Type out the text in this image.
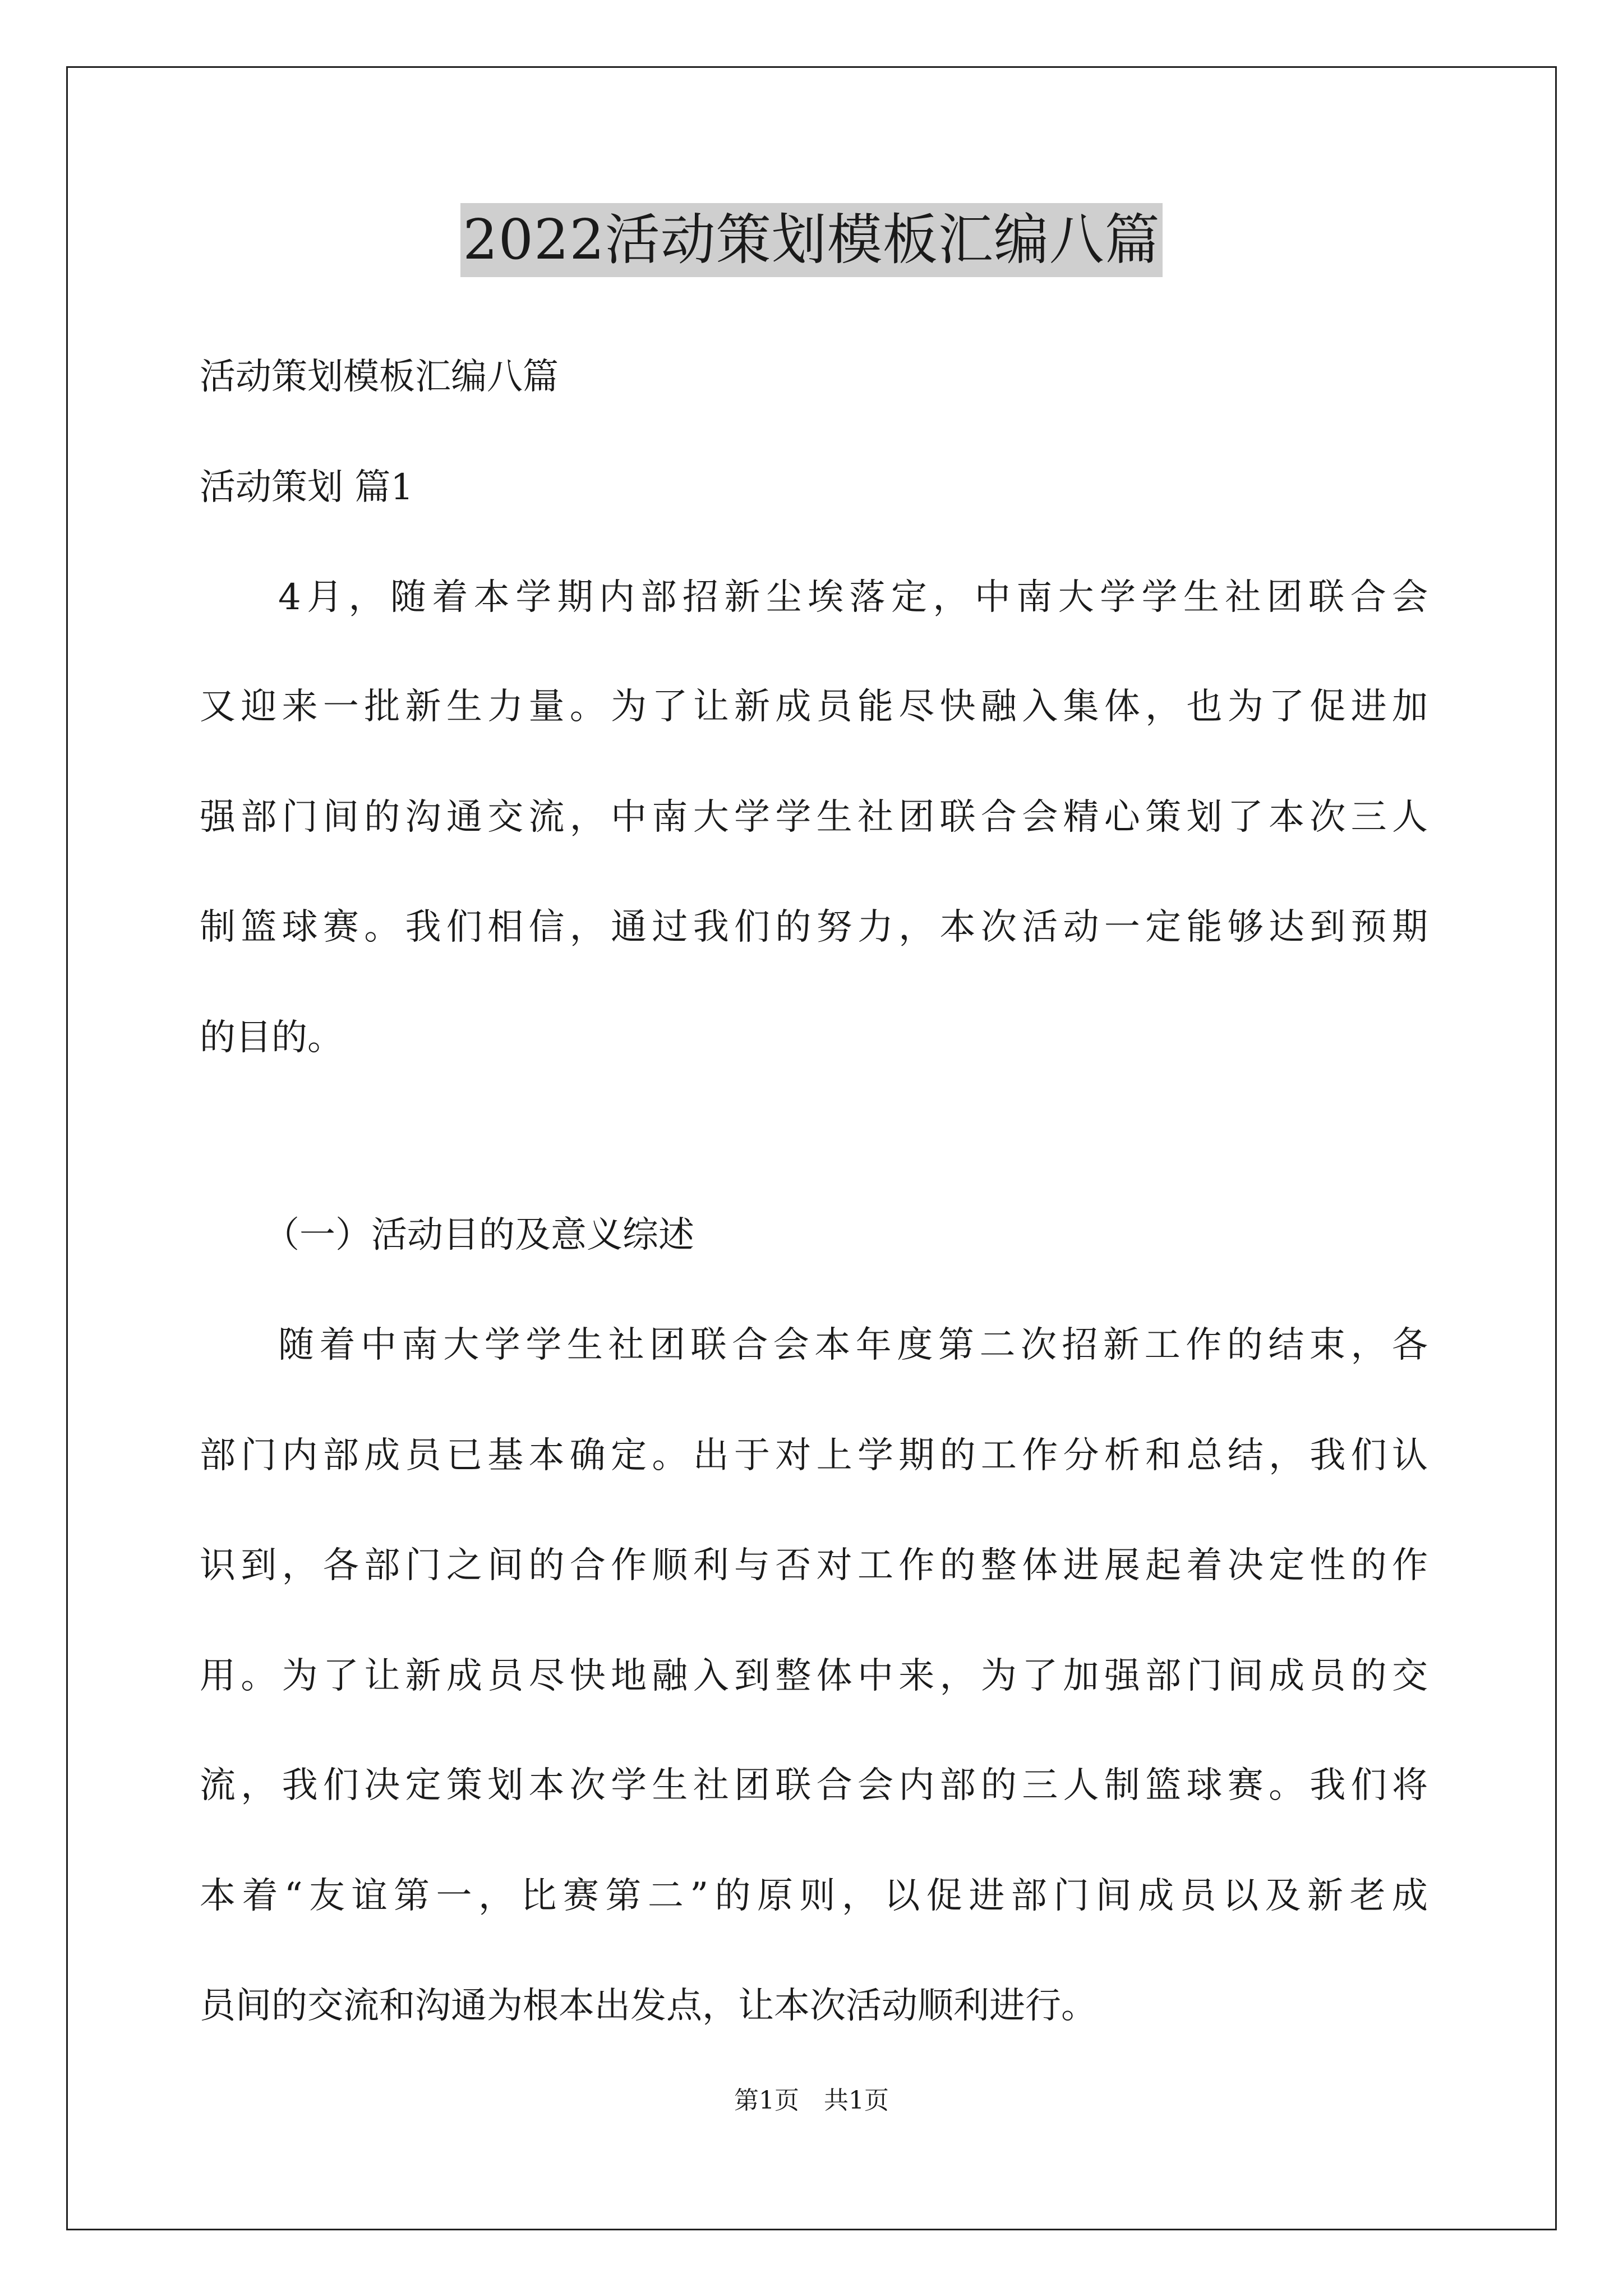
2022活动策划模板汇编八篇
活动策划模板汇编八篇
活动策划 篇1
4月，随着本学期内部招新尘埃落定，中南大学学生社团联合会
又迎来一批新生力量。为了让新成员能尽快融入集体，也为了促进加
强部门间的沟通交流，中南大学学生社团联合会精心策划了本次三人
制篮球赛。我们相信，通过我们的努力，本次活动一定能够达到预期
的目的。
（一）活动目的及意义综述
随着中南大学学生社团联合会本年度第二次招新工作的结束，各
部门内部成员已基本确定。出于对上学期的工作分析和总结，我们认
识到，各部门之间的合作顺利与否对工作的整体进展起着决定性的作
用。为了让新成员尽快地融入到整体中来，为了加强部门间成员的交
流，我们决定策划本次学生社团联合会内部的三人制篮球赛。我们将
本着“友谊第一，比赛第二”的原则，以促进部门间成员以及新老成
员间的交流和沟通为根本出发点，让本次活动顺利进行。
第1页　共1页
